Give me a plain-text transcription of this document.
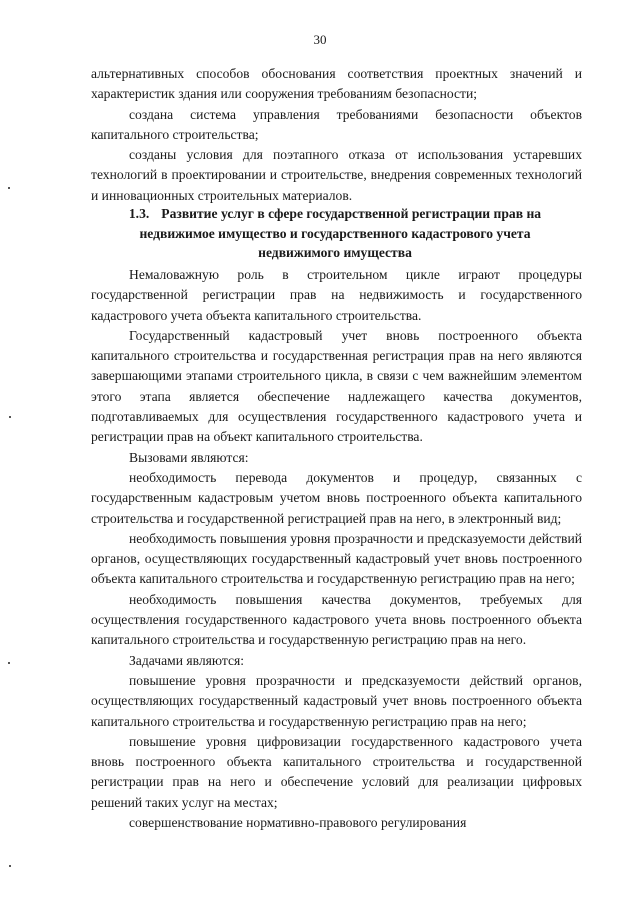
30

альтернативных способов обоснования соответствия проектных значений и характеристик здания или сооружения требованиям безопасности;

создана система управления требованиями безопасности объектов капитального строительства;

созданы условия для поэтапного отказа от использования устаревших технологий в проектировании и строительстве, внедрения современных технологий и инновационных строительных материалов.

1.3. Развитие услуг в сфере государственной регистрации прав на недвижимое имущество и государственного кадастрового учета недвижимого имущества

Немаловажную роль в строительном цикле играют процедуры государственной регистрации прав на недвижимость и государственного кадастрового учета объекта капитального строительства.

Государственный кадастровый учет вновь построенного объекта капитального строительства и государственная регистрация прав на него являются завершающими этапами строительного цикла, в связи с чем важнейшим элементом этого этапа является обеспечение надлежащего качества документов, подготавливаемых для осуществления государственного кадастрового учета и регистрации прав на объект капитального строительства.

Вызовами являются:

необходимость перевода документов и процедур, связанных с государственным кадастровым учетом вновь построенного объекта капитального строительства и государственной регистрацией прав на него, в электронный вид;

необходимость повышения уровня прозрачности и предсказуемости действий органов, осуществляющих государственный кадастровый учет вновь построенного объекта капитального строительства и государственную регистрацию прав на него;

необходимость повышения качества документов, требуемых для осуществления государственного кадастрового учета вновь построенного объекта капитального строительства и государственную регистрацию прав на него.

Задачами являются:

повышение уровня прозрачности и предсказуемости действий органов, осуществляющих государственный кадастровый учет вновь построенного объекта капитального строительства и государственную регистрацию прав на него;

повышение уровня цифровизации государственного кадастрового учета вновь построенного объекта капитального строительства и государственной регистрации прав на него и обеспечение условий для реализации цифровых решений таких услуг на местах;

совершенствование нормативно-правового регулирования
